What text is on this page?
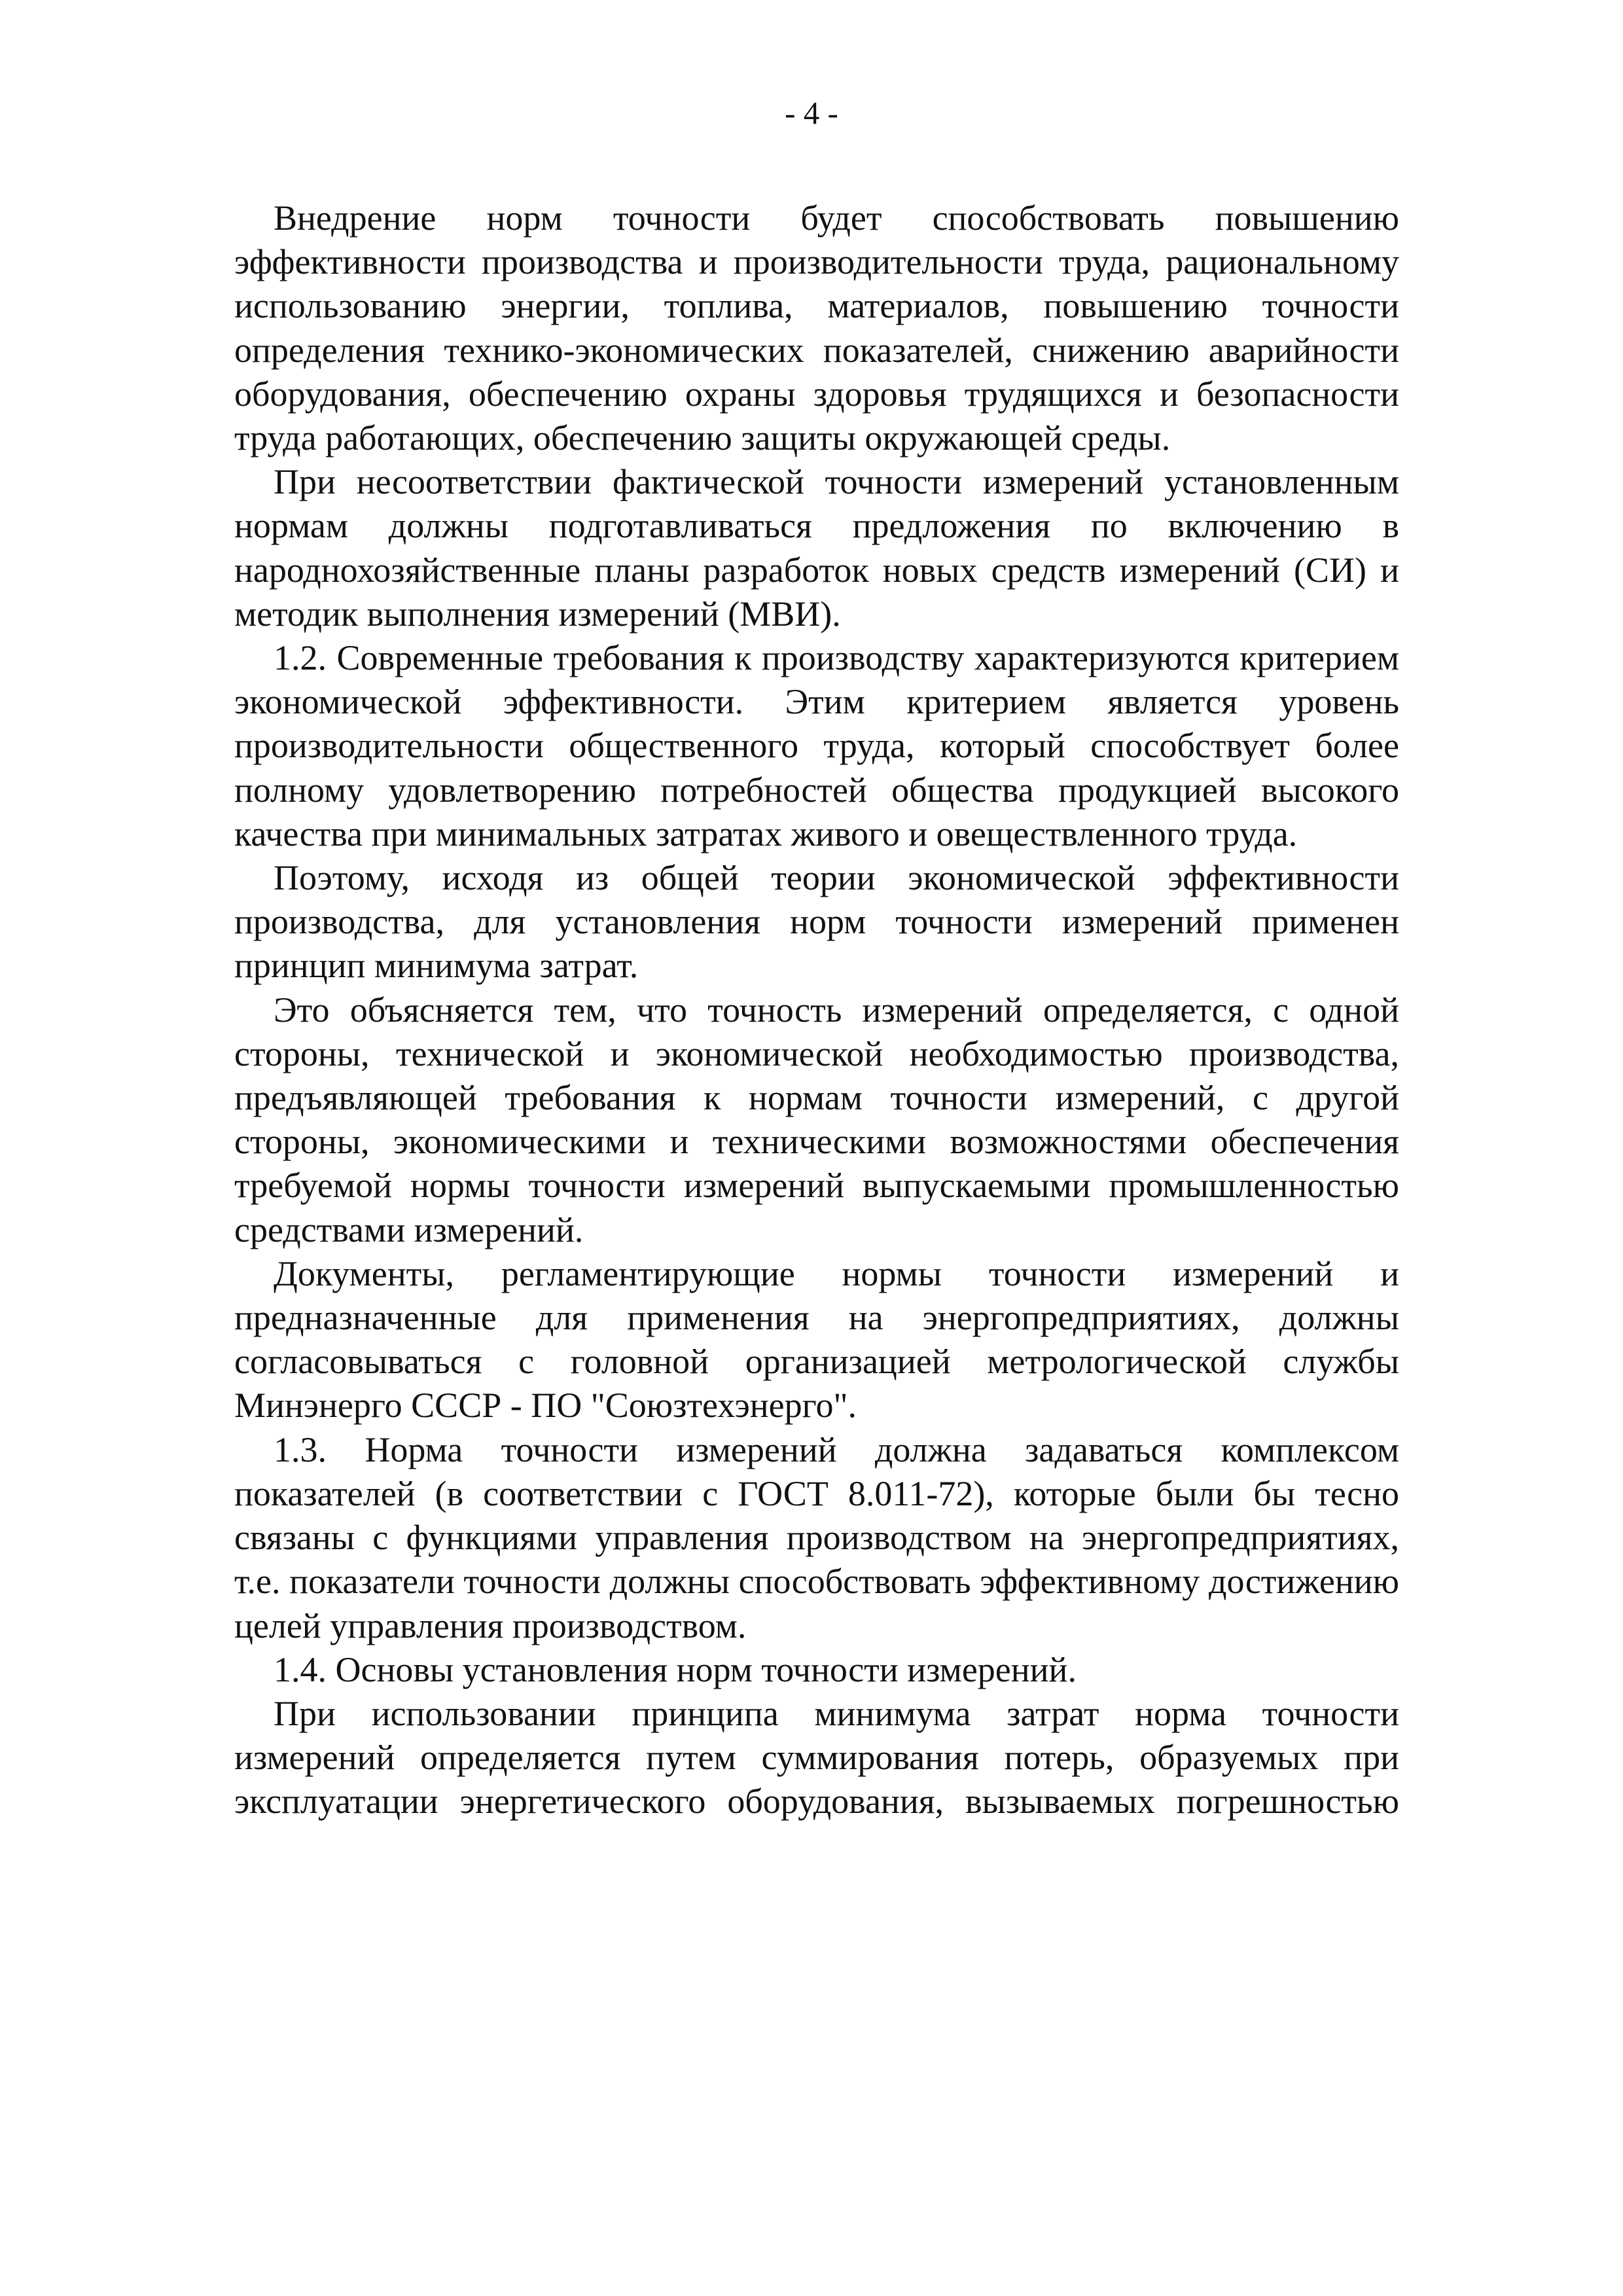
- 4 -

Внедрение норм точности будет способствовать повышению эффективности производства и производительности труда, рациональному использованию энергии, топлива, материалов, повышению точности определения технико-экономических показателей, снижению аварийности оборудования, обеспечению охраны здоровья трудящихся и безопасности труда работающих, обеспечению защиты окружающей среды.

При несоответствии фактической точности измерений установленным нормам должны подготавливаться предложения по включению в народнохозяйственные планы разработок новых средств измерений (СИ) и методик выполнения измерений (МВИ).

1.2. Современные требования к производству характеризуются критерием экономической эффективности. Этим критерием является уровень производительности общественного труда, который способствует более полному удовлетворению потребностей общества продукцией высокого качества при минимальных затратах живого и овеществленного труда.

Поэтому, исходя из общей теории экономической эффективности производства, для установления норм точности измерений применен принцип минимума затрат.

Это объясняется тем, что точность измерений определяется, с одной стороны, технической и экономической необходимостью производства, предъявляющей требования к нормам точности измерений, с другой стороны, экономическими и техническими возможностями обеспечения требуемой нормы точности измерений выпускаемыми промышленностью средствами измерений.

Документы, регламентирующие нормы точности измерений и предназначенные для применения на энергопредприятиях, должны согласовываться с головной организацией метрологической службы Минэнерго СССР - ПО "Союзтехэнерго".

1.3. Норма точности измерений должна задаваться комплексом показателей (в соответствии с ГОСТ 8.011-72), которые были бы тесно связаны с функциями управления производством на энергопредприятиях, т.е. показатели точности должны способствовать эффективному достижению целей управления производством.

1.4. Основы установления норм точности измерений.

При использовании принципа минимума затрат норма точности измерений определяется путем суммирования потерь, образуемых при эксплуатации энергетического оборудования, вызываемых погрешностью
